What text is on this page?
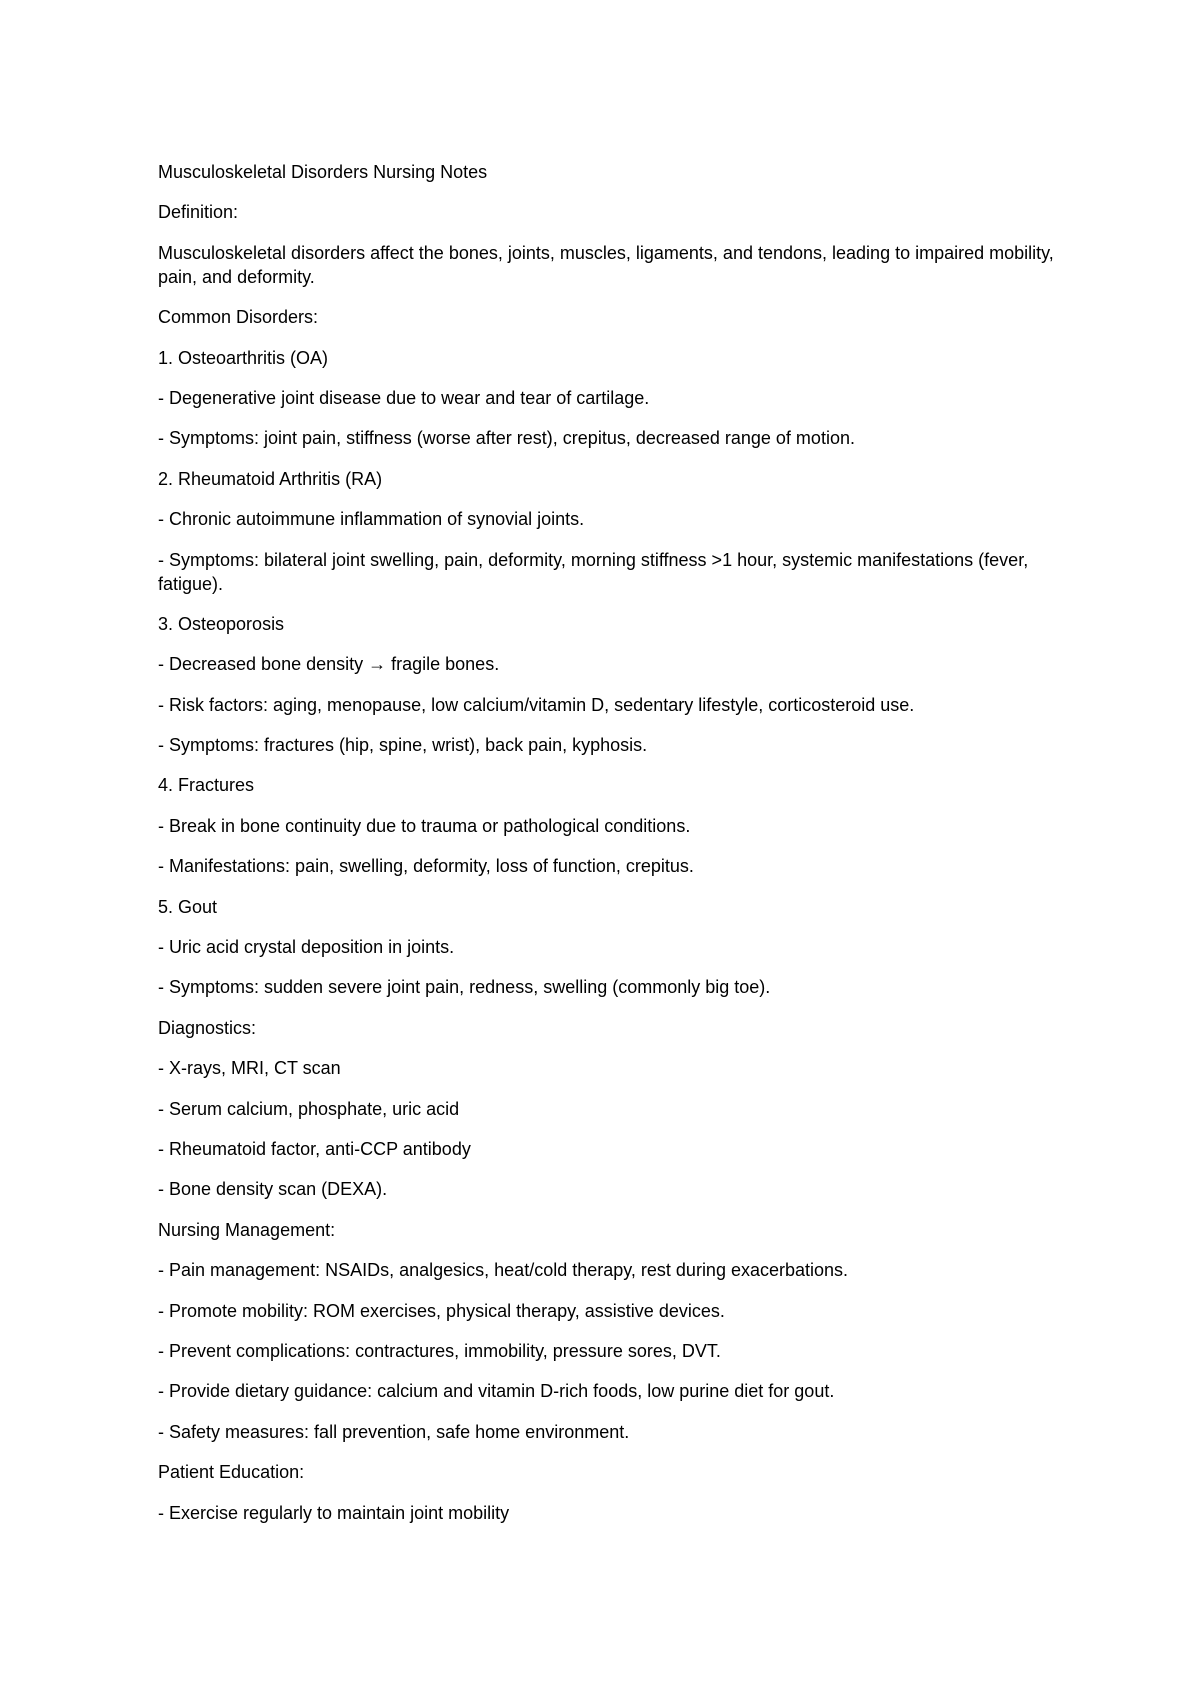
Musculoskeletal Disorders Nursing Notes

Definition:

Musculoskeletal disorders affect the bones, joints, muscles, ligaments, and tendons, leading to impaired mobility, pain, and deformity.

Common Disorders:

1. Osteoarthritis (OA)

- Degenerative joint disease due to wear and tear of cartilage.

- Symptoms: joint pain, stiffness (worse after rest), crepitus, decreased range of motion.

2. Rheumatoid Arthritis (RA)

- Chronic autoimmune inflammation of synovial joints.

- Symptoms: bilateral joint swelling, pain, deformity, morning stiffness >1 hour, systemic manifestations (fever, fatigue).

3. Osteoporosis

- Decreased bone density → fragile bones.

- Risk factors: aging, menopause, low calcium/vitamin D, sedentary lifestyle, corticosteroid use.

- Symptoms: fractures (hip, spine, wrist), back pain, kyphosis.

4. Fractures

- Break in bone continuity due to trauma or pathological conditions.

- Manifestations: pain, swelling, deformity, loss of function, crepitus.

5. Gout

- Uric acid crystal deposition in joints.

- Symptoms: sudden severe joint pain, redness, swelling (commonly big toe).

Diagnostics:

- X-rays, MRI, CT scan

- Serum calcium, phosphate, uric acid

- Rheumatoid factor, anti-CCP antibody

- Bone density scan (DEXA).

Nursing Management:

- Pain management: NSAIDs, analgesics, heat/cold therapy, rest during exacerbations.

- Promote mobility: ROM exercises, physical therapy, assistive devices.

- Prevent complications: contractures, immobility, pressure sores, DVT.

- Provide dietary guidance: calcium and vitamin D-rich foods, low purine diet for gout.

- Safety measures: fall prevention, safe home environment.

Patient Education:

- Exercise regularly to maintain joint mobility
